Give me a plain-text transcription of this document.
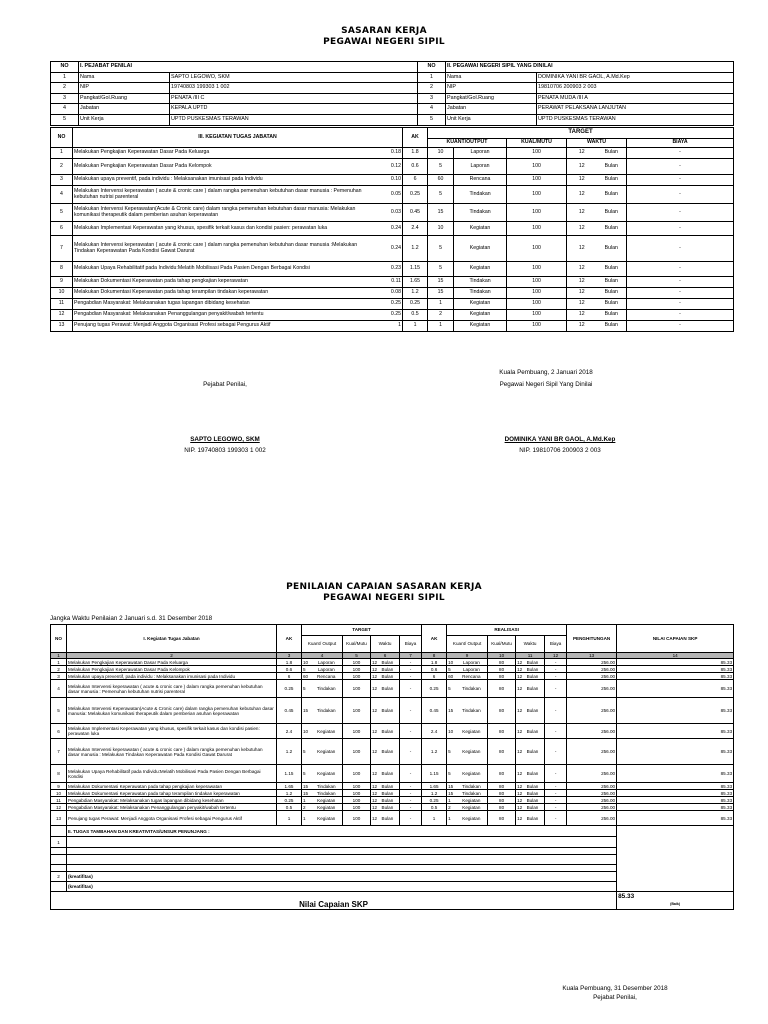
SASARAN KERJA
PEGAWAI NEGERI SIPIL
NO	I. PEJABAT PENILAI		NO	II. PEGAWAI NEGERI SIPIL YANG DINILAI	
1	Nama	SAPTO LEGOWO, SKM	1	Nama	DOMINIKA YANI BR GAOL, A.Md.Kep
2	NIP	19740803 199303 1 002	2	NIP	19810706 200903 2 003
3	Pangkat/Gol.Ruang	PENATA /III C	3	Pangkat/Gol.Ruang	PENATA MUDA /III A
4	Jabatan	KEPALA UPTD	4	Jabatan	PERAWAT PELAKSANA LANJUTAN
5	Unit Kerja	UPTD PUSKESMAS TERAWAN	5	Unit Kerja	UPTD PUSKESMAS TERAWAN
NO	III. KEGIATAN TUGAS JABATAN		AK	TARGET					
				KUANT/OUTPUT		KUAL/MUTU	WAKTU		BIAYA
1	Melakukan Pengkajian Keperawatan Dasar Pada Keluarga	0.18	1.8	10	Laporan	100	12	Bulan	-
2	Melakukan Pengkajian Keperawatan Dasar Pada Kelompok	0.12	0.6	5	Laporan	100	12	Bulan	-
3	Melakukan upaya preventif, pada individu : Melaksanakan imunisasi pada Individu	0.10	6	60	Rencana	100	12	Bulan	-
4	Melakukan Intervensi keperawatan ( acute & cronic care ) dalam rangka pemenuhan kebutuhan dasar manusia : Pemenuhan kebutuhan nutrisi parenteral	0.05	0.25	5	Tindakan	100	12	Bulan	-
5	Melakukan Intervensi Keperawatan(Acute & Cronic care) dalam rangka pemenuhan kebutuhan dasar manusia: Melakukan komunikasi therapeutik dalam pemberian asuhan keperawatan	0.03	0.45	15	Tindakan	100	12	Bulan	-
6	Melakukan Implementasi Keperawatan yang khusus, spesifik terkait kasus dan kondisi pasien: perawatan luka	0.24	2.4	10	Kegiatan	100	12	Bulan	-
7	Melakukan Intervensi keperawatan ( acute & cronic care ) dalam rangka pemenuhan kebutuhan dasar manusia :Melakukan Tindakan Keperawatan Pada Kondisi Gawat Darurat	0.24	1.2	5	Kegiatan	100	12	Bulan	-
8	Melakukan Upaya Rehabilitatif pada Individu:Melatih Mobilisasi Pada Pasien Dengan Berbagai Kondisi	0.23	1.15	5	Kegiatan	100	12	Bulan	-
9	Melakukan Dokumentasi Keperawatan pada tahap pengkajian keperawatan	0.11	1.65	15	Tindakan	100	12	Bulan	-
10	Melakukan Dokumentasi Keperawatan pada tahap terampilan tindakan keperawatan	0.08	1.2	15	Tindakan	100	12	Bulan	-
11	Pengabdian Masyarakat: Melaksanakan tugas lapangan dibidang kesehatan	0.25	0.25	1	Kegiatan	100	12	Bulan	-
12	Pengabdian Masyarakat: Melaksanakan Penanggulangan penyakit/wabah tertentu	0.25	0.5	2	Kegiatan	100	12	Bulan	-
13	Penujang tugas Perawat: Menjadi Anggota Organisasi Profesi sebagai Pengurus Aktif	1	1	1	Kegiatan	100	12	Bulan	-
Kuala Pembuang, 2 Januari 2018
Pejabat Penilai,	Pegawai Negeri Sipil Yang Dinilai
SAPTO LEGOWO, SKM
NIP. 19740803 199303 1 002
DOMINIKA YANI BR GAOL, A.Md.Kep
NIP. 19810706 200903 2 003
PENILAIAN CAPAIAN SASARAN KERJA
PEGAWAI NEGERI SIPIL
Jangka Waktu Penilaian 2 Januari s.d. 31 Desember 2018
NO	I. Kegiatan Tugas Jabatan	AK	TARGET						AK	REALISASI						PENGHITUNGAN	NILAI CAPAIAN SKP
			Kuant/ Output		Kual/Mutu	Waktu		Biaya		Kuant/ Output		Kual/Mutu	Waktu		Biaya		
1	2	3	4		5	6		7	8	9		10	11		12	13	14
1	Melakukan Pengkajian Keperawatan Dasar Pada Keluarga	1.8	10	Laporan	100	12	Bulan	-	1.8	10	Laporan	80	12	Bulan	-	256.00	85.33
2	Melakukan Pengkajian Keperawatan Dasar Pada Kelompok	0.6	5	Laporan	100	12	Bulan	-	0.6	5	Laporan	80	12	Bulan	-	256.00	85.33
3	Melakukan upaya preventif, pada individu : Melaksanakan imunisasi pada Individu	6	60	Rencana	100	12	Bulan	-	6	60	Rencana	80	12	Bulan	-	256.00	85.33
4	Melakukan Intervensi keperawatan ( acute & cronic care ) dalam rangka pemenuhan kebutuhan dasar manusia : Pemenuhan kebutuhan nutrisi parenteral	0.25	5	Tindakan	100	12	Bulan	-	0.25	5	Tindakan	80	12	Bulan	-	256.00	85.33
5	Melakukan Intervensi Keperawatan(Acute & Cronic care) dalam rangka pemenuhan kebutuhan dasar manusia: Melakukan komunikasi therapeutik dalam pemberian asuhan keperawatan	0.45	15	Tindakan	100	12	Bulan	-	0.45	15	Tindakan	80	12	Bulan	-	256.00	85.33
6	Melakukan Implementasi Keperawatan yang khusus, spesifik terkait kasus dan kondisi pasien: perawatan luka	2.4	10	Kegiatan	100	12	Bulan	-	2.4	10	Kegiatan	80	12	Bulan	-	256.00	85.33
7	Melakukan Intervensi keperawatan ( acute & cronic care ) dalam rangka pemenuhan kebutuhan dasar manusia : Melakukan Tindakan Keperawatan Pada Kondisi Gawat Darurat	1.2	5	Kegiatan	100	12	Bulan	-	1.2	5	Kegiatan	80	12	Bulan	-	256.00	85.33
8	Melakukan Upaya Rehabilitatif pada Individu:Melatih Mobilisasi Pada Pasien Dengan Berbagai Kondisi	1.15	5	Kegiatan	100	12	Bulan	-	1.15	5	Kegiatan	80	12	Bulan	-	256.00	85.33
9	Melakukan Dokumentasi Keperawatan pada tahap pengkajian keperawatan	1.65	15	Tindakan	100	12	Bulan	-	1.65	15	Tindakan	80	12	Bulan	-	256.00	85.33
10	Melakukan Dokumentasi Keperawatan pada tahap terampilan tindakan keperawatan	1.2	15	Tindakan	100	12	Bulan	-	1.2	15	Tindakan	80	12	Bulan	-	256.00	85.33
11	Pengabdian Masyarakat: Melaksanakan tugas lapangan dibidang kesehatan	0.25	1	Kegiatan	100	12	Bulan	-	0.25	1	Kegiatan	80	12	Bulan	-	256.00	85.33
12	Pengabdian Masyarakat: Melaksanakan Penanggulangan penyakit/wabah tertentu	0.5	2	Kegiatan	100	12	Bulan	-	0.5	2	Kegiatan	80	12	Bulan	-	256.00	85.33
13	Penujang tugas Perawat: Menjadi Anggota Organisasi Profesi sebagai Pengurus Aktif	1	1	Kegiatan	100	12	Bulan	-	1	1	Kegiatan	80	12	Bulan	-	256.00	85.33
	II. TUGAS TAMBAHAN DAN KREATIVITAS/UNSUR PENUNJANG :																
1																	

2	(kreatifitas)																
	(kreatifitas)																
																	85.33
Nilai Capaian SKP																	(Baik)
Kuala Pembuang, 31 Desember 2018
Pejabat Penilai,
